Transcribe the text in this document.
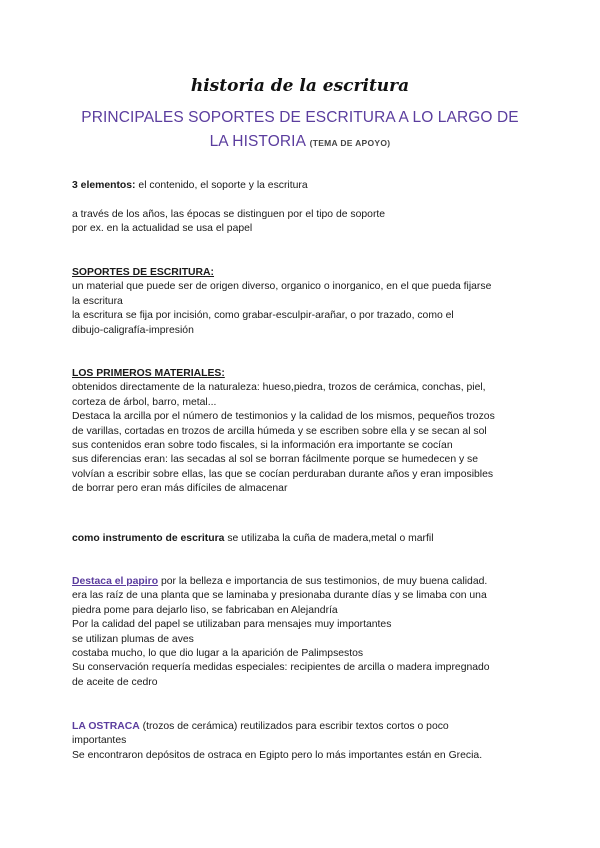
historia de la escritura
PRINCIPALES SOPORTES DE ESCRITURA A LO LARGO DE
LA HISTORIA (TEMA DE APOYO)
3 elementos: el contenido, el soporte y la escritura
a través de los años, las épocas se distinguen por el tipo de soporte
por ex. en la actualidad se usa el papel
SOPORTES DE ESCRITURA:
un material que puede ser de origen diverso, organico o inorganico, en el que pueda fijarse
la escritura
la escritura se fija por incisión, como grabar-esculpir-arañar, o por trazado, como el
dibujo-caligrafía-impresión
LOS PRIMEROS MATERIALES:
obtenidos directamente de la naturaleza: hueso,piedra, trozos de cerámica, conchas, piel,
corteza de árbol, barro, metal...
Destaca la arcilla por el número de testimonios y la calidad de los mismos, pequeños trozos
de varillas, cortadas en trozos de arcilla húmeda y se escriben sobre ella y se secan al sol
sus contenidos eran sobre todo fiscales, si la información era importante se cocían
sus diferencias eran: las secadas al sol se borran fácilmente porque se humedecen y se
volvían a escribir sobre ellas, las que se cocían perduraban durante años y eran imposibles
de borrar pero eran más difíciles de almacenar
como instrumento de escritura se utilizaba la cuña de madera,metal o marfil
Destaca el papiro por la belleza e importancia de sus testimonios, de muy buena calidad.
era las raíz de una planta que se laminaba y presionaba durante días y se limaba con una
piedra pome para dejarlo liso, se fabricaban en Alejandría
Por la calidad del papel se utilizaban para mensajes muy importantes
se utilizan plumas de aves
costaba mucho, lo que dio lugar a la aparición de Palimpsestos
Su conservación requería medidas especiales: recipientes de arcilla o madera impregnado
de aceite de cedro
LA OSTRACA (trozos de cerámica) reutilizados para escribir textos cortos o poco
importantes
Se encontraron depósitos de ostraca en Egipto pero lo más importantes están en Grecia.
